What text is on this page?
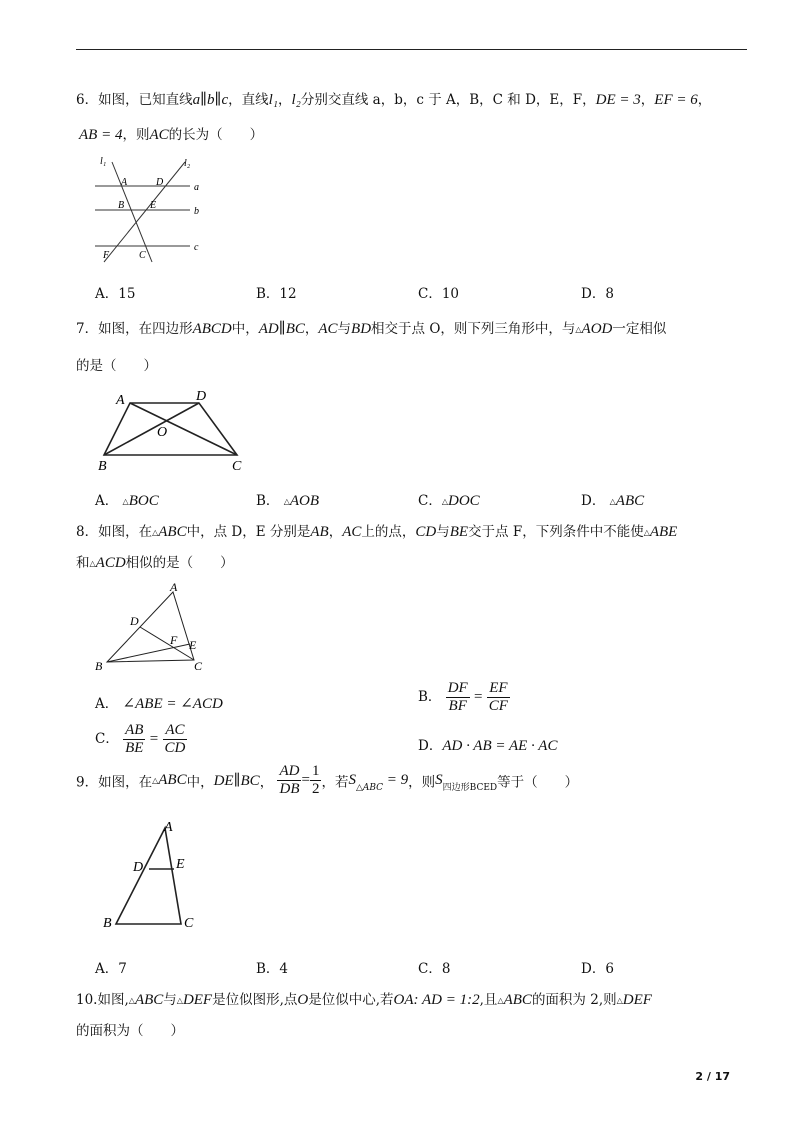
6．如图，已知直线a∥b∥c，直线l₁，l₂分别交直线 a，b，c 于 A，B，C 和 D，E，F，DE = 3，EF = 6，
AB = 4，则AC的长为（　　）
l₁	l₂
a
b
c
A	D
B	E
F	C
A．15	B．12	C．10	D．8
7．如图，在四边形ABCD中，AD∥BC，AC与BD相交于点 O，则下列三角形中，与△AOD一定相似
的是（　　）
A	D
O
B	C
A． △BOC	B． △AOB	C．△DOC	D． △ABC
8．如图，在△ABC中，点 D，E 分别是AB，AC上的点，CD与BE交于点 F，下列条件中不能使△ABE
和△ACD相似的是（　　）
A
D
F E
B	C
A． ∠ABE = ∠ACD	B． $\frac{DF}{BF} = \frac{EF}{CF}$
C． $\frac{AB}{BE} = \frac{AC}{CD}$	D．AD · AB = AE · AC
9．如图，在△ABC中，DE∥BC， $\frac{AD}{DB} = \frac{1}{2}$ ，若$S_{\triangle ABC} = 9$，则$S_{四边形BCED}$等于（　　）
A
D E
B	C
A．7	B．4	C．8	D．6
10.如图,△ABC与△DEF是位似图形,点O是位似中心,若OA: AD = 1:2,且△ABC的面积为 2,则△DEF
的面积为（　　）
2 / 17
